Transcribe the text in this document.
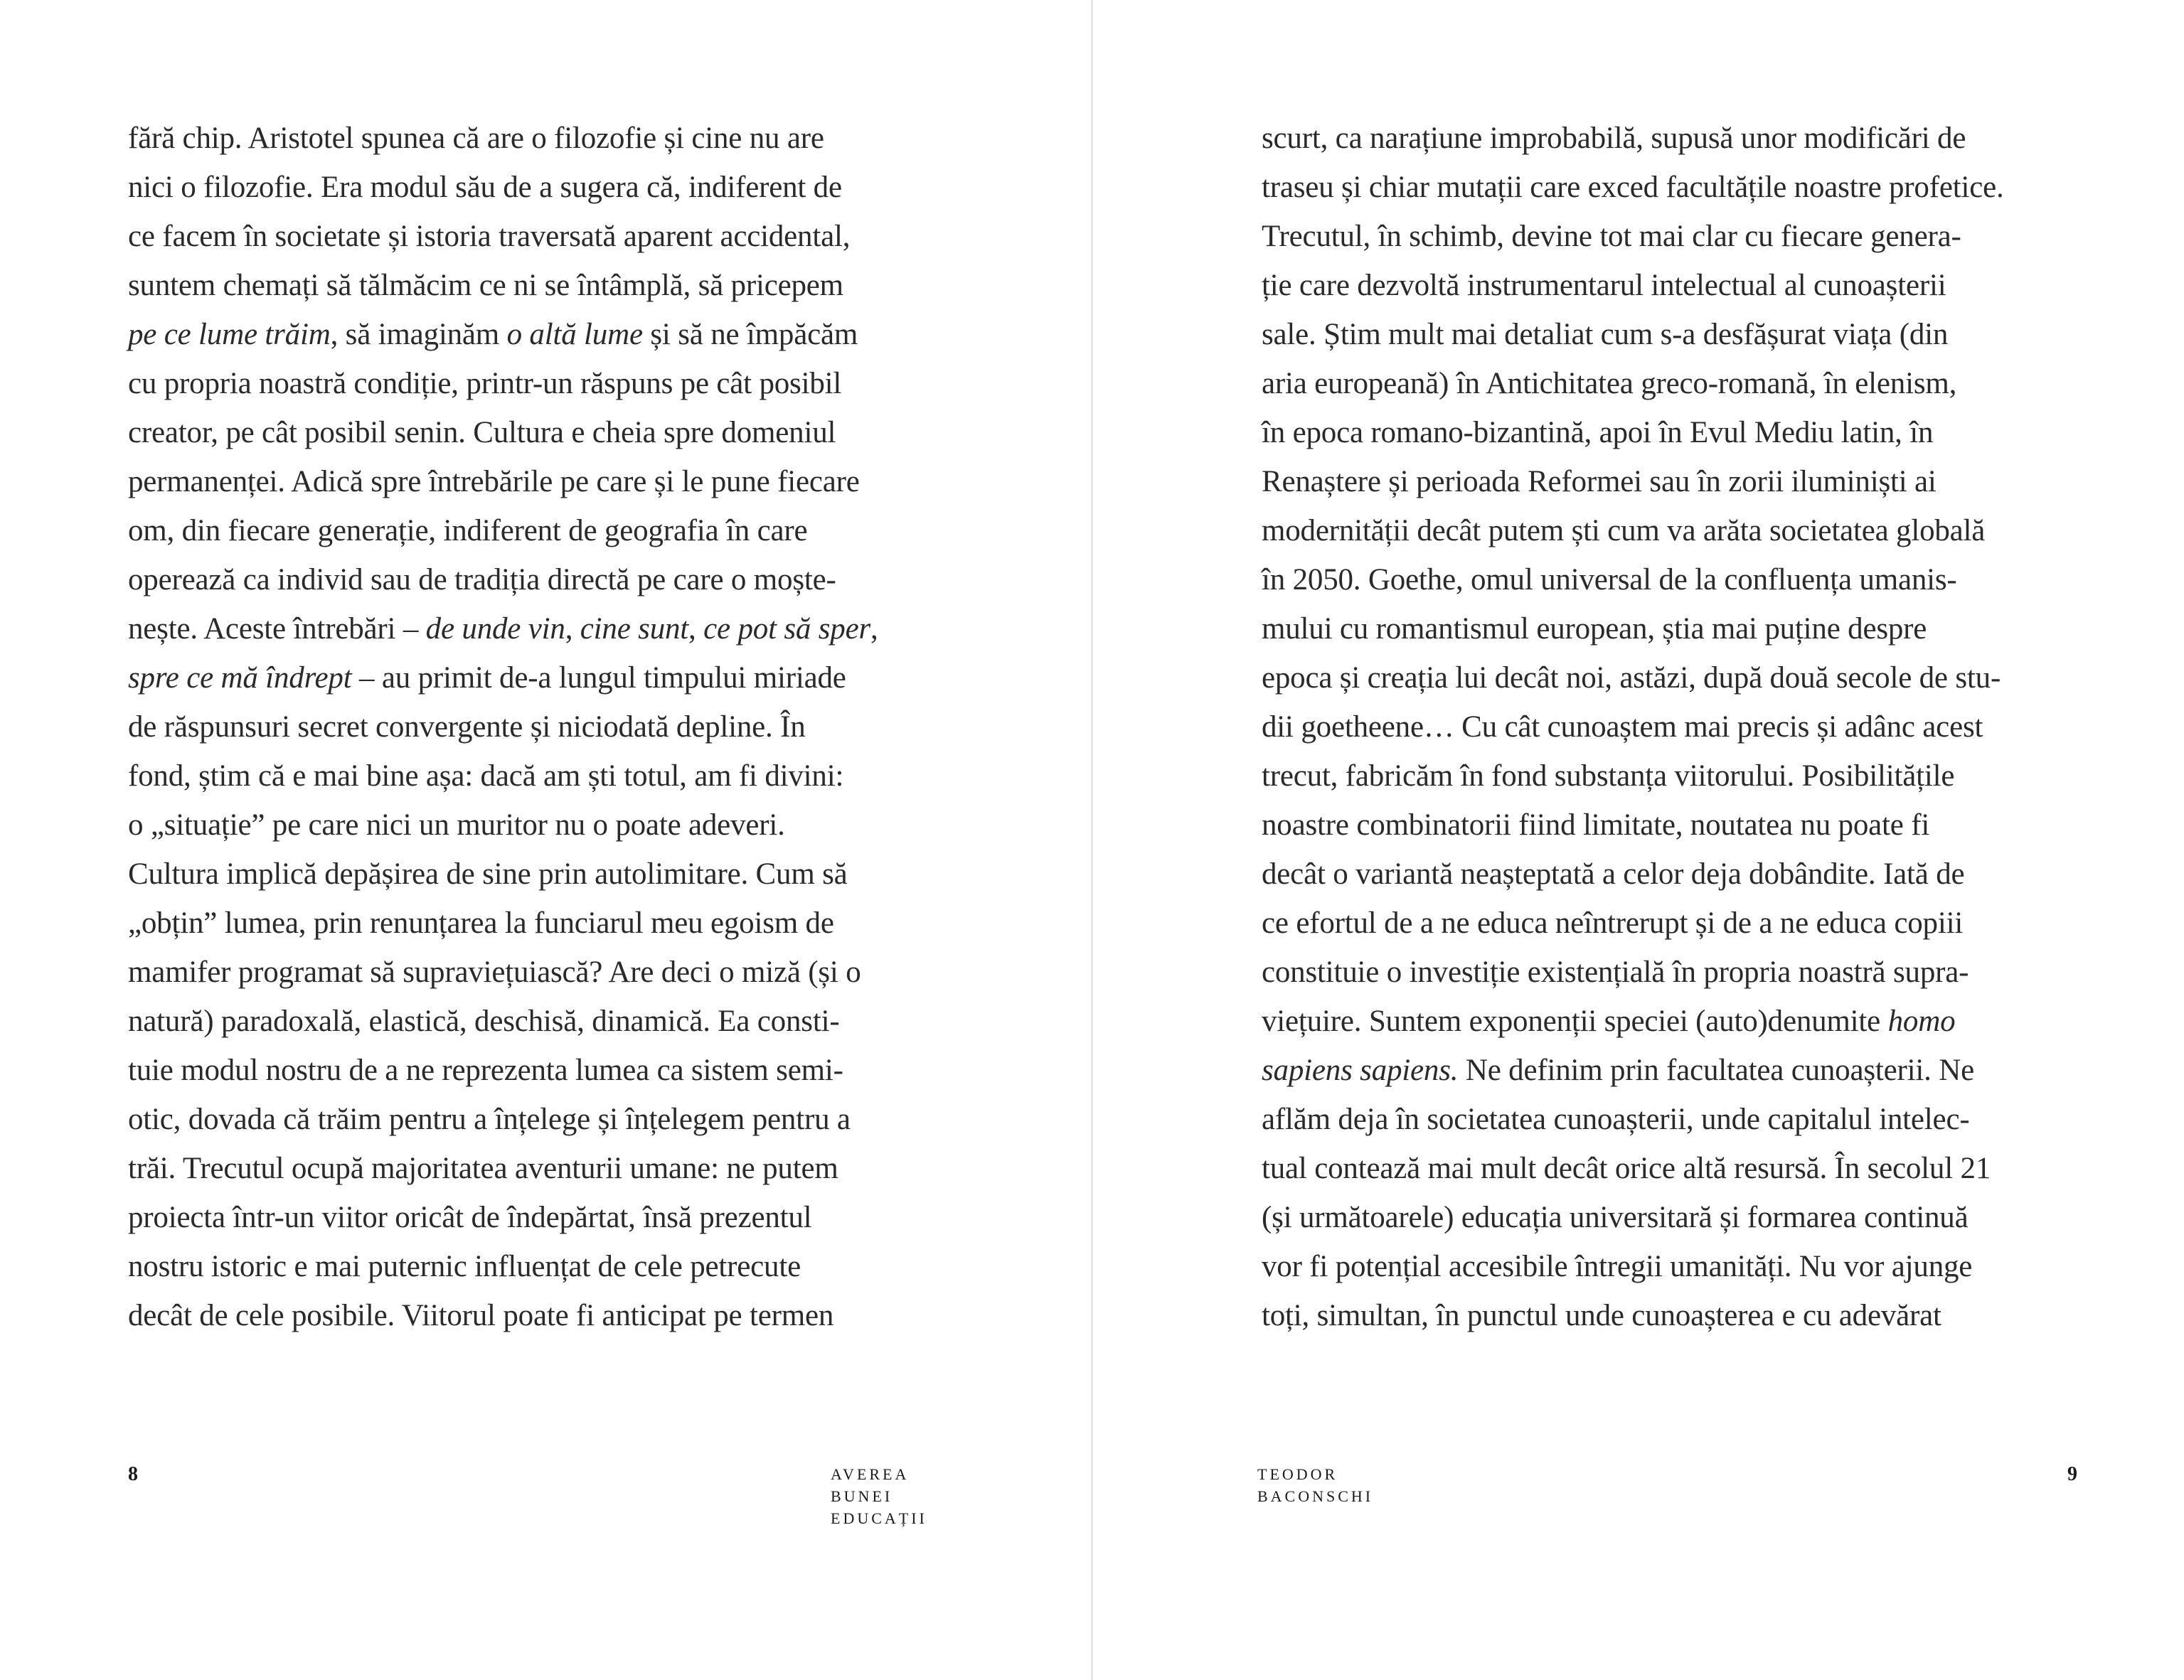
fără chip. Aristotel spunea că are o filozofie și cine nu are
nici o filozofie. Era modul său de a sugera că, indiferent de
ce facem în societate și istoria traversată aparent accidental,
suntem chemați să tălmăcim ce ni se întâmplă, să pricepem
pe ce lume trăim, să imaginăm o altă lume și să ne împăcăm
cu propria noastră condiție, printr-un răspuns pe cât posibil
creator, pe cât posibil senin. Cultura e cheia spre domeniul
permanenței. Adică spre întrebările pe care și le pune fiecare
om, din fiecare generație, indiferent de geografia în care
operează ca individ sau de tradiția directă pe care o moște-
nește. Aceste întrebări – de unde vin, cine sunt, ce pot să sper,
spre ce mă îndrept – au primit de-a lungul timpului miriade
de răspunsuri secret convergente și niciodată depline. În
fond, știm că e mai bine așa: dacă am ști totul, am fi divini:
o „situație” pe care nici un muritor nu o poate adeveri.
Cultura implică depășirea de sine prin autolimitare. Cum să
„obțin” lumea, prin renunțarea la funciarul meu egoism de
mamifer programat să supraviețuiască? Are deci o miză (și o
natură) paradoxală, elastică, deschisă, dinamică. Ea consti-
tuie modul nostru de a ne reprezenta lumea ca sistem semi-
otic, dovada că trăim pentru a înțelege și înțelegem pentru a
trăi. Trecutul ocupă majoritatea aventurii umane: ne putem
proiecta într-un viitor oricât de îndepărtat, însă prezentul
nostru istoric e mai puternic influențat de cele petrecute
decât de cele posibile. Viitorul poate fi anticipat pe termen
8	AVEREA
BUNEI
EDUCAȚII
scurt, ca narațiune improbabilă, supusă unor modificări de
traseu și chiar mutații care exced facultățile noastre profetice.
Trecutul, în schimb, devine tot mai clar cu fiecare genera-
ție care dezvoltă instrumentarul intelectual al cunoașterii
sale. Știm mult mai detaliat cum s-a desfășurat viața (din
aria europeană) în Antichitatea greco-romană, în elenism,
în epoca romano-bizantină, apoi în Evul Mediu latin, în
Renaștere și perioada Reformei sau în zorii iluminiști ai
modernității decât putem ști cum va arăta societatea globală
în 2050. Goethe, omul universal de la confluența umanis-
mului cu romantismul european, știa mai puține despre
epoca și creația lui decât noi, astăzi, după două secole de stu-
dii goetheene… Cu cât cunoaștem mai precis și adânc acest
trecut, fabricăm în fond substanța viitorului. Posibilitățile
noastre combinatorii fiind limitate, noutatea nu poate fi
decât o variantă neașteptată a celor deja dobândite. Iată de
ce efortul de a ne educa neîntrerupt și de a ne educa copiii
constituie o investiție existențială în propria noastră supra-
viețuire. Suntem exponenții speciei (auto)denumite homo
sapiens sapiens. Ne definim prin facultatea cunoașterii. Ne
aflăm deja în societatea cunoașterii, unde capitalul intelec-
tual contează mai mult decât orice altă resursă. În secolul 21
(și următoarele) educația universitară și formarea continuă
vor fi potențial accesibile întregii umanități. Nu vor ajunge
toți, simultan, în punctul unde cunoașterea e cu adevărat
TEODOR
BACONSCHI
9
